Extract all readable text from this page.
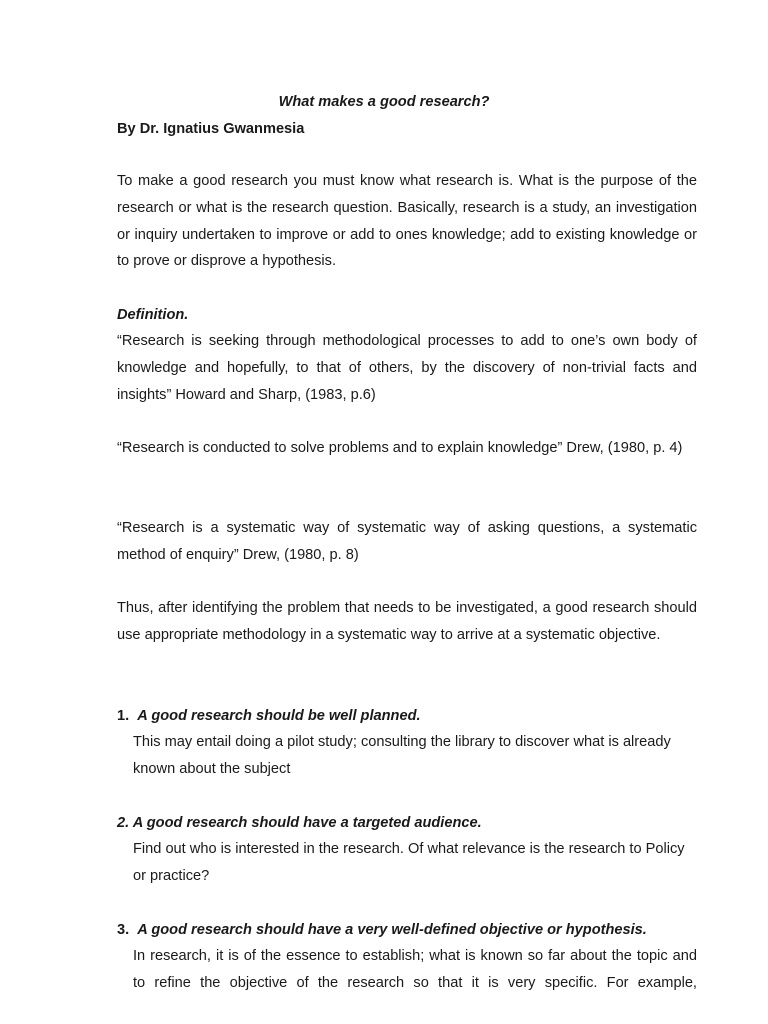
What makes a good research?

By Dr. Ignatius Gwanmesia

To make a good research you must know what research is. What is the purpose of the research or what is the research question. Basically, research is a study, an investigation or inquiry undertaken to improve or add to ones knowledge; add to existing knowledge or to prove or disprove a hypothesis.

Definition.

“Research is seeking through methodological processes to add to one’s own body of knowledge and hopefully, to that of others, by the discovery of non-trivial facts and insights” Howard and Sharp, (1983, p.6)

“Research is conducted to solve problems and to explain knowledge” Drew, (1980, p. 4)

“Research is a systematic way of systematic way of asking questions, a systematic method of enquiry” Drew, (1980, p. 8)

Thus, after identifying the problem that needs to be investigated, a good research should use appropriate methodology in a systematic way to arrive at a systematic objective.

1. A good research should be well planned.

This may entail doing a pilot study; consulting the library to discover what is already known about the subject

2. A good research should have a targeted audience.

Find out who is interested in the research. Of what relevance is the research to Policy or practice?

3. A good research should have a very well-defined objective or hypothesis.

In research, it is of the essence to establish; what is known so far about the topic and to refine the objective of the research so that it is very specific. For example,
